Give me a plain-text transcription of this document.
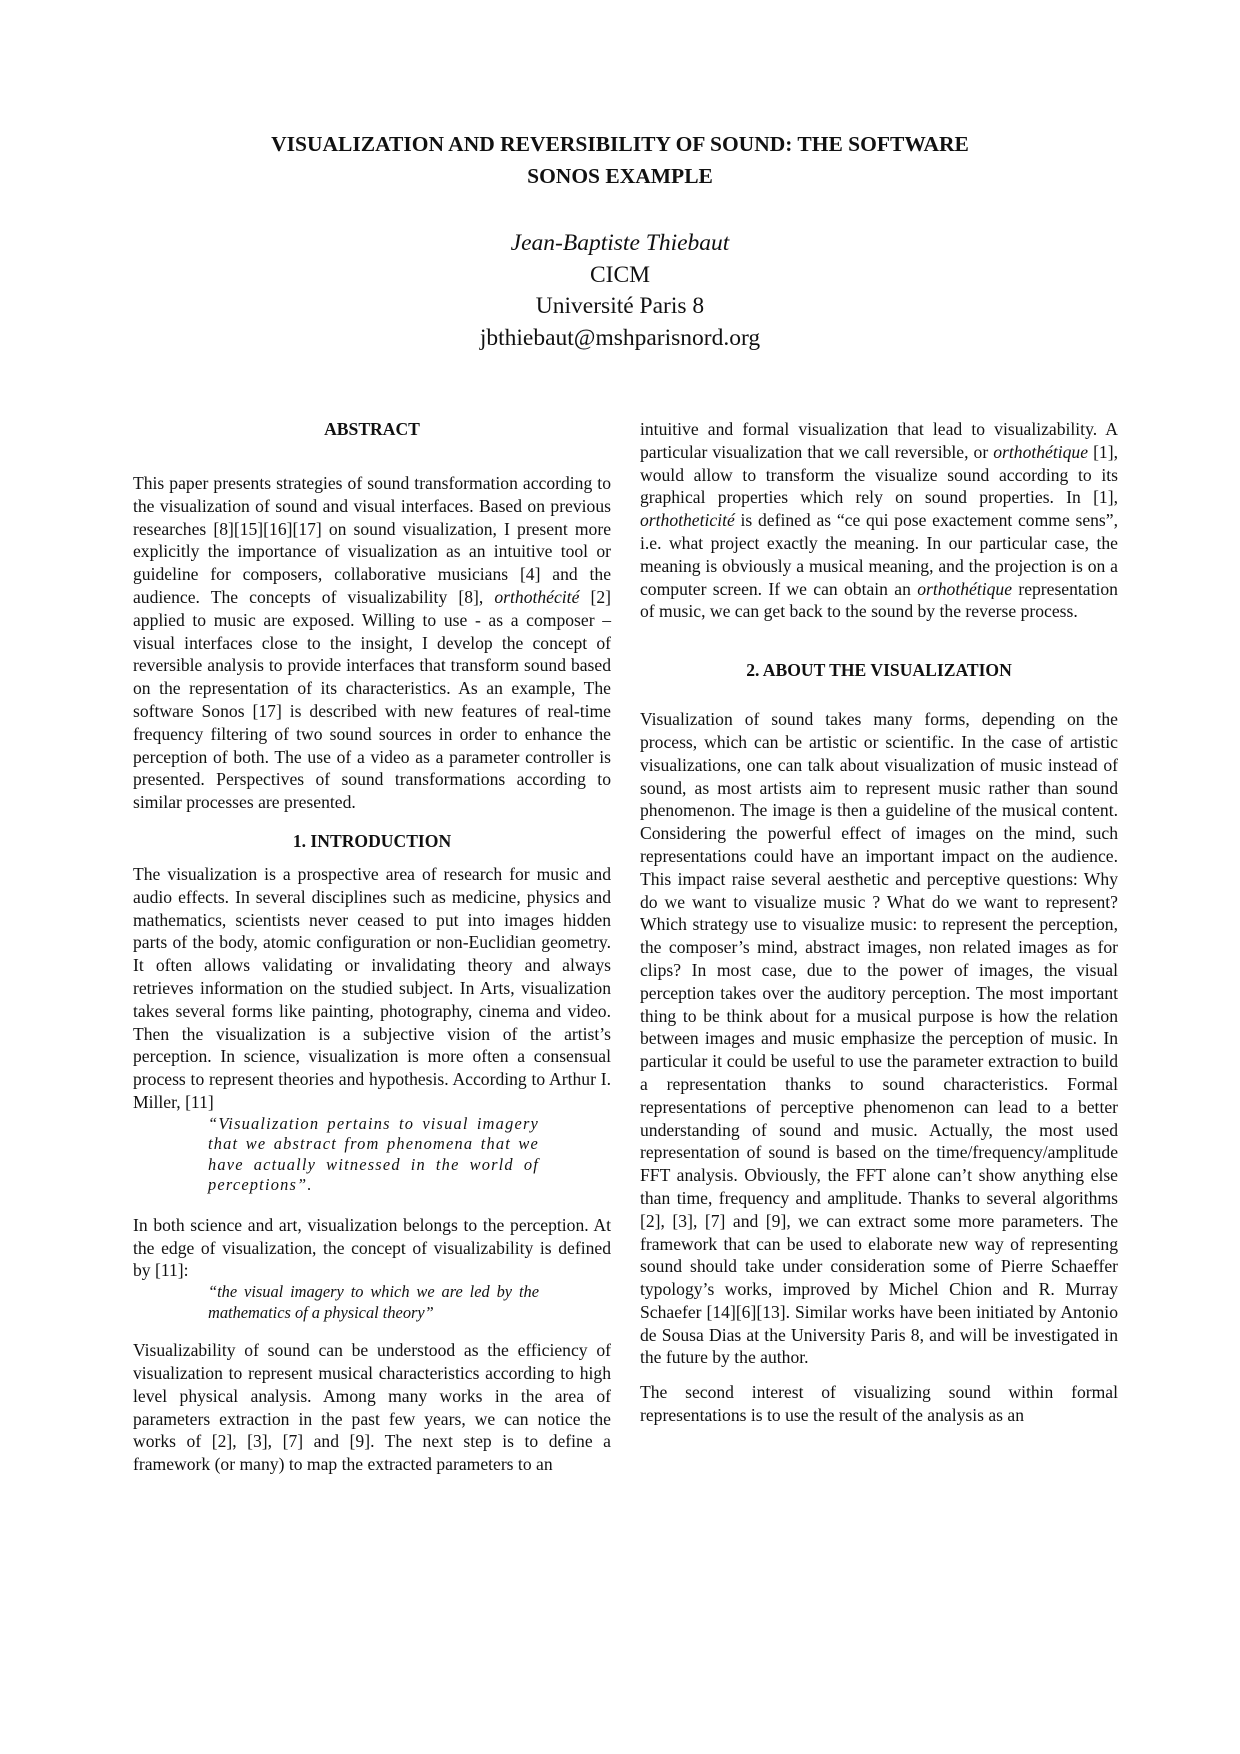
VISUALIZATION AND REVERSIBILITY OF SOUND: THE SOFTWARE
SONOS EXAMPLE
Jean-Baptiste Thiebaut
CICM
Université Paris 8
jbthiebaut@mshparisnord.org
ABSTRACT

This paper presents strategies of sound transformation according to the visualization of sound and visual interfaces. Based on previous researches [8][15][16][17] on sound visualization, I present more explicitly the importance of visualization as an intuitive tool or guideline for composers, collaborative musicians [4] and the audience. The concepts of visualizability [8], orthothécité [2] applied to music are exposed. Willing to use - as a composer – visual interfaces close to the insight, I develop the concept of reversible analysis to provide interfaces that transform sound based on the representation of its characteristics. As an example, The software Sonos [17] is described with new features of real-time frequency filtering of two sound sources in order to enhance the perception of both. The use of a video as a parameter controller is presented. Perspectives of sound transformations according to similar processes are presented.

1. INTRODUCTION

The visualization is a prospective area of research for music and audio effects. In several disciplines such as medicine, physics and mathematics, scientists never ceased to put into images hidden parts of the body, atomic configuration or non-Euclidian geometry. It often allows validating or invalidating theory and always retrieves information on the studied subject. In Arts, visualization takes several forms like painting, photography, cinema and video. Then the visualization is a subjective vision of the artist’s perception. In science, visualization is more often a consensual process to represent theories and hypothesis. According to Arthur I. Miller, [11]

“Visualization pertains to visual imagery that we abstract from phenomena that we have actually witnessed in the world of perceptions”.

In both science and art, visualization belongs to the perception. At the edge of visualization, the concept of visualizability is defined by [11]:

“the visual imagery to which we are led by the mathematics of a physical theory”

Visualizability of sound can be understood as the efficiency of visualization to represent musical characteristics according to high level physical analysis. Among many works in the area of parameters extraction in the past few years, we can notice the works of [2], [3], [7] and [9]. The next step is to define a framework (or many) to map the extracted parameters to an

intuitive and formal visualization that lead to visualizability. A particular visualization that we call reversible, or orthothétique [1], would allow to transform the visualize sound according to its graphical properties which rely on sound properties. In [1], orthotheticité is defined as “ce qui pose exactement comme sens”, i.e. what project exactly the meaning. In our particular case, the meaning is obviously a musical meaning, and the projection is on a computer screen. If we can obtain an orthothétique representation of music, we can get back to the sound by the reverse process.

2. ABOUT THE VISUALIZATION

Visualization of sound takes many forms, depending on the process, which can be artistic or scientific. In the case of artistic visualizations, one can talk about visualization of music instead of sound, as most artists aim to represent music rather than sound phenomenon. The image is then a guideline of the musical content. Considering the powerful effect of images on the mind, such representations could have an important impact on the audience. This impact raise several aesthetic and perceptive questions: Why do we want to visualize music ? What do we want to represent? Which strategy use to visualize music: to represent the perception, the composer’s mind, abstract images, non related images as for clips? In most case, due to the power of images, the visual perception takes over the auditory perception. The most important thing to be think about for a musical purpose is how the relation between images and music emphasize the perception of music. In particular it could be useful to use the parameter extraction to build a representation thanks to sound characteristics. Formal representations of perceptive phenomenon can lead to a better understanding of sound and music. Actually, the most used representation of sound is based on the time/frequency/amplitude FFT analysis. Obviously, the FFT alone can’t show anything else than time, frequency and amplitude. Thanks to several algorithms [2], [3], [7] and [9], we can extract some more parameters. The framework that can be used to elaborate new way of representing sound should take under consideration some of Pierre Schaeffer typology’s works, improved by Michel Chion and R. Murray Schaefer [14][6][13]. Similar works have been initiated by Antonio de Sousa Dias at the University Paris 8, and will be investigated in the future by the author.

The second interest of visualizing sound within formal representations is to use the result of the analysis as an
